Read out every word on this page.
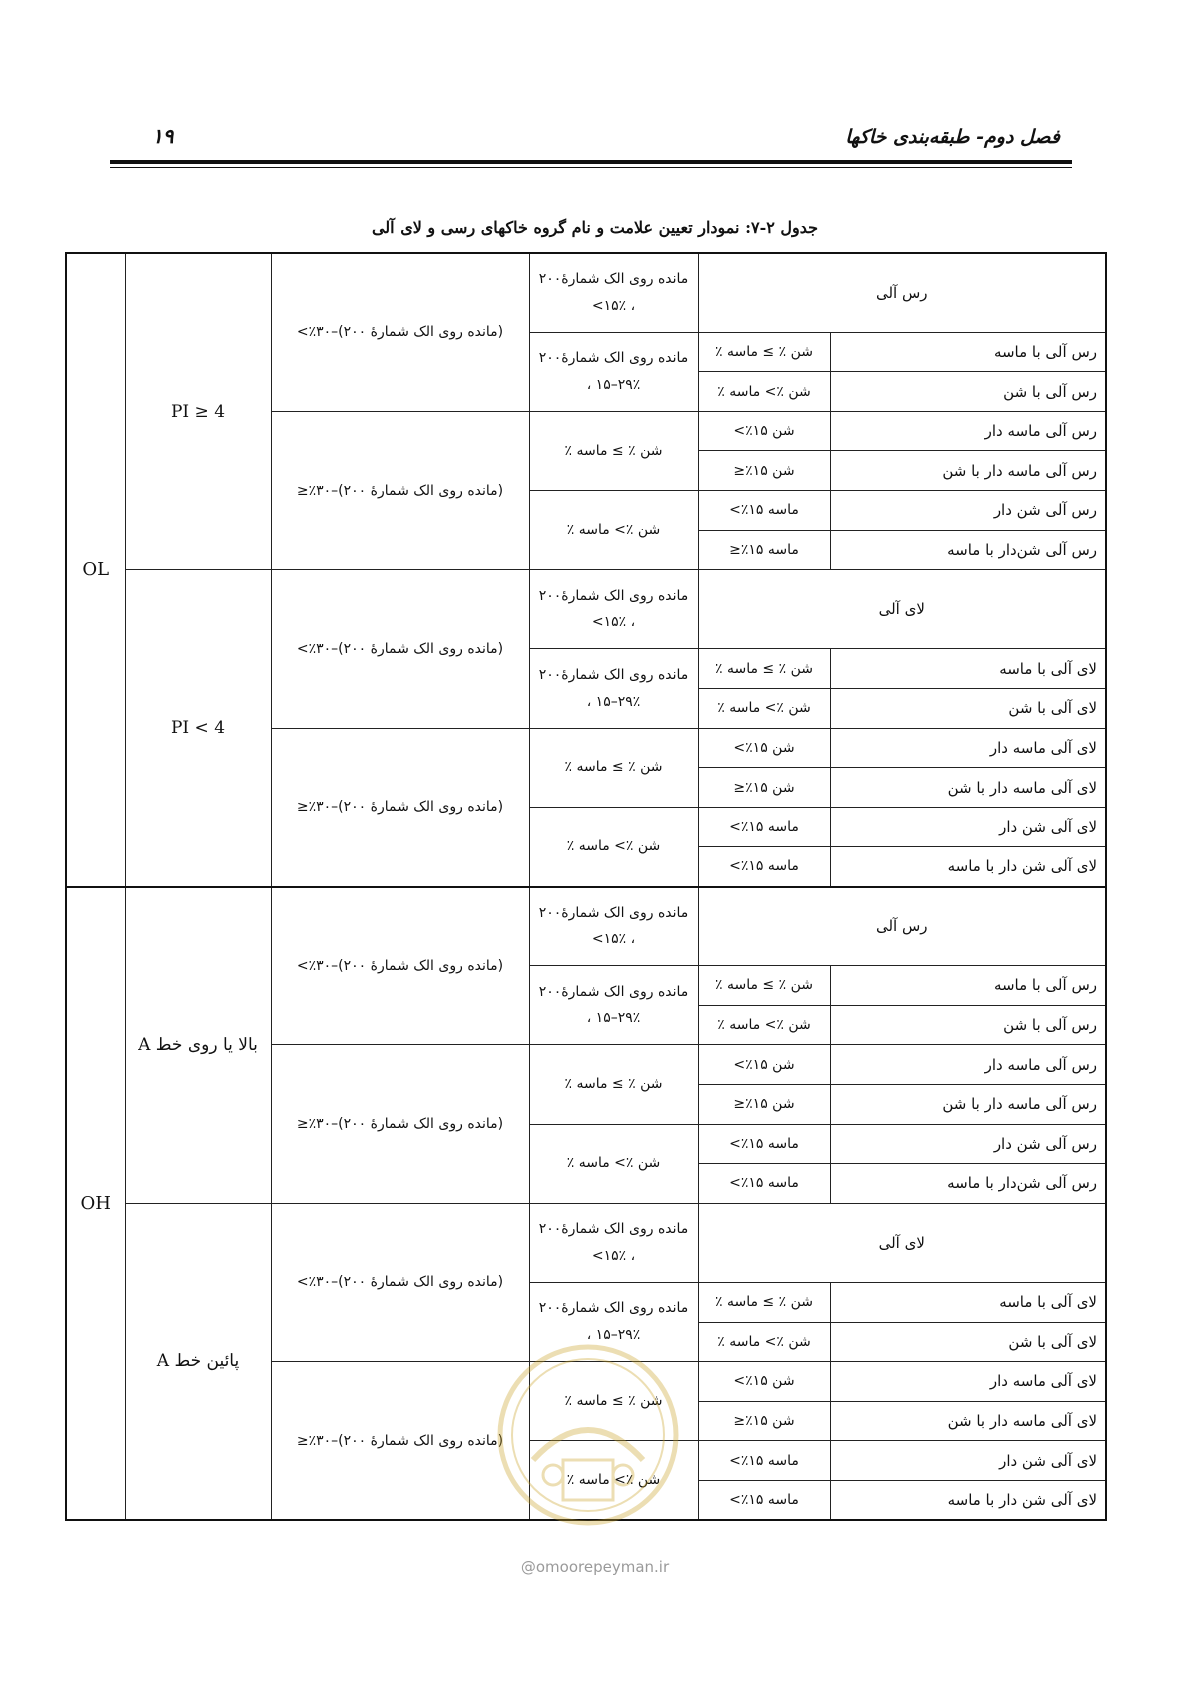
فصل دوم- طبقه‌بندی خاکها
۱۹
جدول ۲-۷: نمودار تعیین علامت و نام گروه خاکهای رسی و لای آلی
OL	PI ≥ 4	(مانده روی الک شمارهٔ ۲۰۰)–۳۰٪>	مانده روی الک شمارهٔ۲۰۰
، ۱۵٪>	رس آلی	

			مانده روی الک شمارهٔ۲۰۰
۲۹٪–۱۵ ،	شن ٪ ≥ ماسه ٪	رس آلی با ماسه
				شن ٪> ماسه ٪	رس آلی با شن
		(مانده روی الک شمارهٔ ۲۰۰)–۳۰٪≤	شن ٪ ≥ ماسه ٪	شن ۱۵٪>	رس آلی ماسه دار
				شن ۱۵٪≤	رس آلی ماسه دار با شن
			شن ٪> ماسه ٪	ماسه ۱۵٪>	رس آلی شن دار
				ماسه ۱۵٪≤	رس آلی شن‌دار با ماسه
	PI < 4	(مانده روی الک شمارهٔ ۲۰۰)–۳۰٪>	مانده روی الک شمارهٔ۲۰۰
، ۱۵٪>	لای آلی	

			مانده روی الک شمارهٔ۲۰۰
۲۹٪–۱۵ ،	شن ٪ ≥ ماسه ٪	لای آلی با ماسه
				شن ٪> ماسه ٪	لای آلی با شن
		(مانده روی الک شمارهٔ ۲۰۰)–۳۰٪≤	شن ٪ ≥ ماسه ٪	شن ۱۵٪>	لای آلی ماسه دار
				شن ۱۵٪≤	لای آلی ماسه دار با شن
			شن ٪> ماسه ٪	ماسه ۱۵٪>	لای آلی شن دار
				ماسه ۱۵٪>	لای آلی شن دار با ماسه
OH	بالا یا روی خط A	(مانده روی الک شمارهٔ ۲۰۰)–۳۰٪>	مانده روی الک شمارهٔ۲۰۰
، ۱۵٪>	رس آلی	

			مانده روی الک شمارهٔ۲۰۰
۲۹٪–۱۵ ،	شن ٪ ≥ ماسه ٪	رس آلی با ماسه
				شن ٪> ماسه ٪	رس آلی با شن
		(مانده روی الک شمارهٔ ۲۰۰)–۳۰٪≤	شن ٪ ≥ ماسه ٪	شن ۱۵٪>	رس آلی ماسه دار
				شن ۱۵٪≤	رس آلی ماسه دار با شن
			شن ٪> ماسه ٪	ماسه ۱۵٪>	رس آلی شن دار
				ماسه ۱۵٪>	رس آلی شن‌دار با ماسه
	پائین خط A	(مانده روی الک شمارهٔ ۲۰۰)–۳۰٪>	مانده روی الک شمارهٔ۲۰۰
، ۱۵٪>	لای آلی	

			مانده روی الک شمارهٔ۲۰۰
۲۹٪–۱۵ ،	شن ٪ ≥ ماسه ٪	لای آلی با ماسه
				شن ٪> ماسه ٪	لای آلی با شن
		(مانده روی الک شمارهٔ ۲۰۰)–۳۰٪≤	شن ٪ ≥ ماسه ٪	شن ۱۵٪>	لای آلی ماسه دار
				شن ۱۵٪≤	لای آلی ماسه دار با شن
			شن ٪> ماسه ٪	ماسه ۱۵٪>	لای آلی شن دار
				ماسه ۱۵٪>	لای آلی شن دار با ماسه
@omoorepeyman.ir
